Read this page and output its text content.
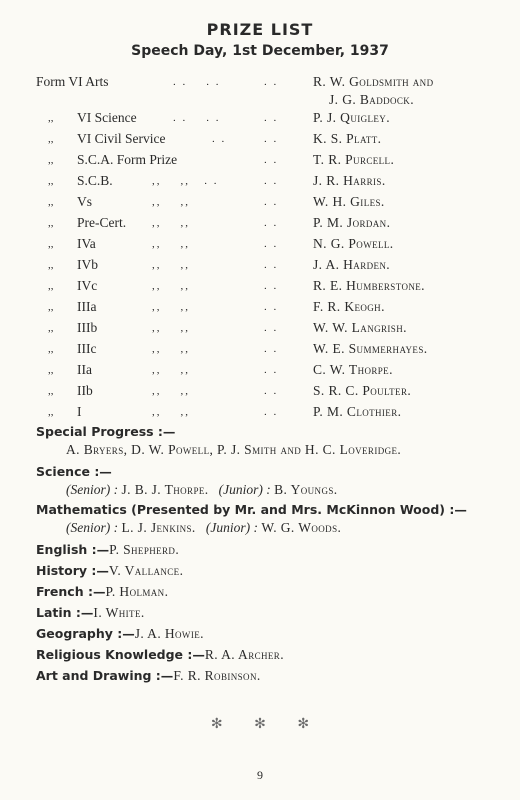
PRIZE LIST
Speech Day, 1st December, 1937
Form VI Arts	. .    . .	. .	R. W. Goldsmith and
J. G. Baddock.
,,	VI Science	. .    . .	. .	P. J. Quigley.
,,	VI Civil Service	. .	. .	K. S. Platt.
,,	S.C.A. Form Prize	. .	T. R. Purcell.
,,	S.C.B.	,,    ,,   . .	. .	J. R. Harris.
,,	Vs	,,    ,,	. .	W. H. Giles.
,,	Pre-Cert. ,,    ,,	. .	P. M. Jordan.
,,	IVa	,,    ,,	. .	N. G. Powell.
,,	IVb	,,    ,,	. .	J. A. Harden.
,,	IVc	,,    ,,	. .	R. E. Humberstone.
,,	IIIa	,,    ,,	. .	F. R. Keogh.
,,	IIIb	,,    ,,	. .	W. W. Langrish.
,,	IIIc	,,    ,,	. .	W. E. Summerhayes.
,,	IIa	,,    ,,	. .	C. W. Thorpe.
,,	IIb	,,    ,,	. .	S. R. C. Poulter.
,,	I	,,    ,,	. .	P. M. Clothier.
Special Progress :—
A. Bryers, D. W. Powell, P. J. Smith and H. C. Loveridge.
Science :—
(Senior) : J. B. J. Thorpe. (Junior) : B. Youngs.
Mathematics (Presented by Mr. and Mrs. McKinnon Wood) :—
(Senior) : L. J. Jenkins. (Junior) : W. G. Woods.
English :—P. Shepherd.
History :—V. Vallance.
French :—P. Holman.
Latin :—I. White.
Geography :—J. A. Howie.
Religious Knowledge :—R. A. Archer.
Art and Drawing :—F. R. Robinson.
✻ ✻ ✻
9
